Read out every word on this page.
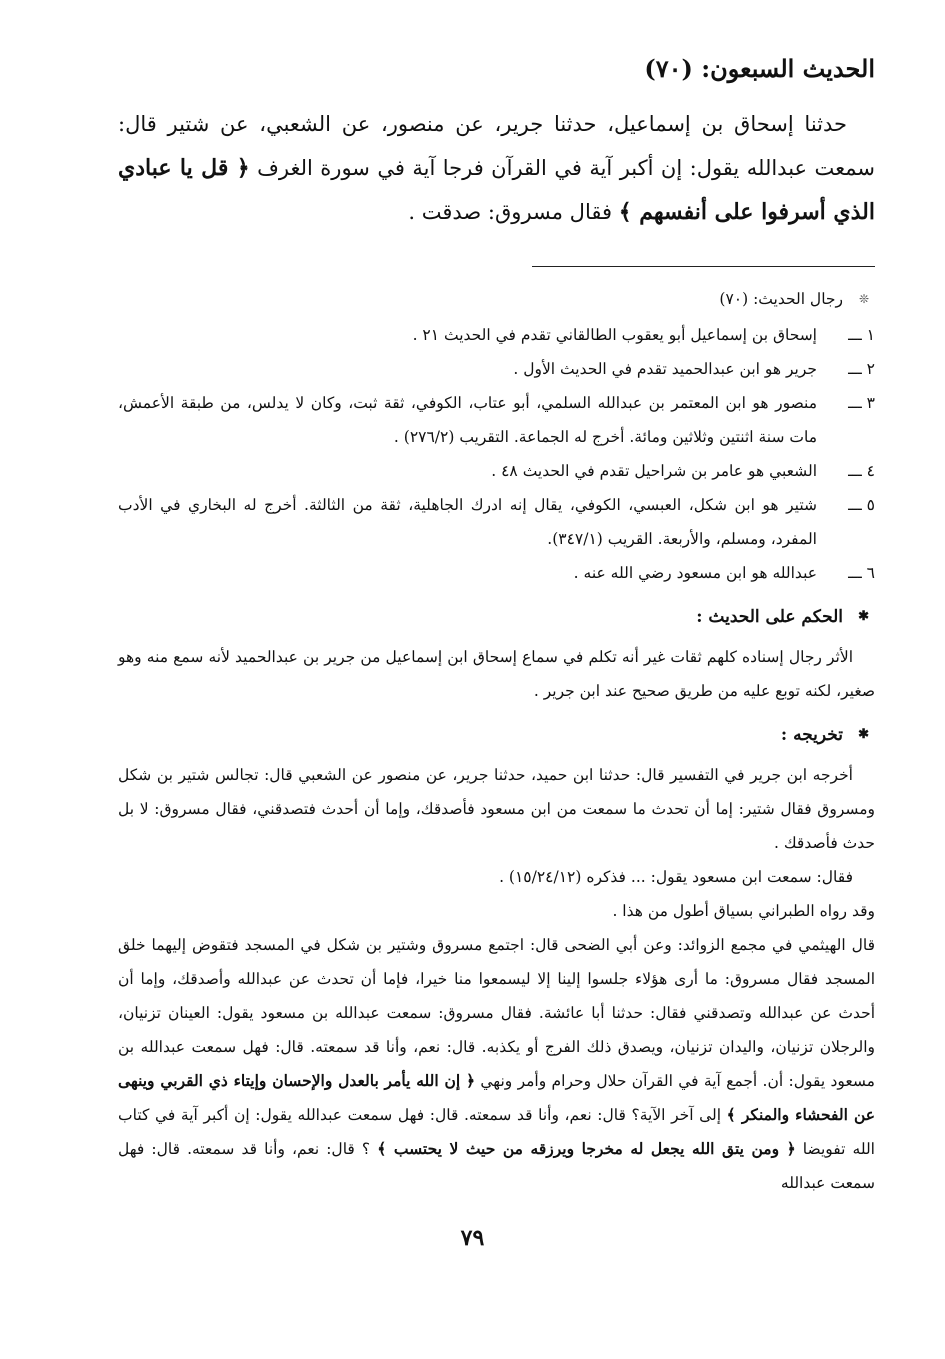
الحديث السبعون: (٧٠)

حدثنا إسحاق بن إسماعيل، حدثنا جرير، عن منصور، عن الشعبي، عن شتير قال: سمعت عبدالله يقول: إن أكبر آية في القرآن فرجا آية في سورة الغرف ﴿ قل يا عبادي الذي أسرفوا على أنفسهم ﴾ فقال مسروق: صدقت .

❊
رجال الحديث: (٧٠)

١ ـــ
إسحاق بن إسماعيل أبو يعقوب الطالقاني تقدم في الحديث ٢١ .
٢ ـــ
جرير هو ابن عبدالحميد تقدم في الحديث الأول .
٣ ـــ
منصور هو ابن المعتمر بن عبدالله السلمي، أبو عتاب، الكوفي، ثقة ثبت، وكان لا يدلس، من طبقة الأعمش، مات سنة اثنتين وثلاثين ومائة. أخرج له الجماعة. التقريب (٢٧٦/٢) .
٤ ـــ
الشعبي هو عامر بن شراحيل تقدم في الحديث ٤٨ .
٥ ـــ
شتير هو ابن شكل، العبسي، الكوفي، يقال إنه ادرك الجاهلية، ثقة من الثالثة. أخرج له البخاري في الأدب المفرد، ومسلم، والأربعة. القريب (٣٤٧/١).
٦ ـــ
عبدالله هو ابن مسعود رضي الله عنه .

✱
الحكم على الحديث :

الأثر رجال إسناده كلهم ثقات غير أنه تكلم في سماع إسحاق ابن إسماعيل من جرير بن عبدالحميد لأنه سمع منه وهو صغير، لكنه توبع عليه من طريق صحيح عند ابن جرير .

✱
تخريجه :

أخرجه ابن جرير في التفسير قال: حدثنا ابن حميد، حدثنا جرير، عن منصور عن الشعبي قال: تجالس شتير بن شكل ومسروق فقال شتير: إما أن تحدث ما سمعت من ابن مسعود فأصدقك، وإما أن أحدث فتصدقني، فقال مسروق: لا بل حدث فأصدقك .

فقال: سمعت ابن مسعود يقول: ... فذكره (١٥/٢٤/١٢) .

وقد رواه الطبراني بسياق أطول من هذا .

قال الهيثمي في مجمع الزوائد: وعن أبي الضحى قال: اجتمع مسروق وشتير بن شكل في المسجد فتقوض إليهما خلق المسجد فقال مسروق: ما أرى هؤلاء جلسوا إلينا إلا ليسمعوا منا خيرا، فإما أن تحدث عن عبدالله وأصدقك، وإما أن أحدث عن عبدالله وتصدقني فقال: حدثنا أبا عائشة. فقال مسروق: سمعت عبدالله بن مسعود يقول: العينان تزنيان، والرجلان تزنيان، واليدان تزنيان، ويصدق ذلك الفرج أو يكذبه. قال: نعم، وأنا قد سمعته. قال: فهل سمعت عبدالله بن مسعود يقول: أن. أجمع آية في القرآن حلال وحرام وأمر ونهي ﴿ إن الله يأمر بالعدل والإحسان وإيتاء ذي القربي وينهى عن الفحشاء والمنكر ﴾ إلى آخر الآية؟ قال: نعم، وأنا قد سمعته. قال: فهل سمعت عبدالله يقول: إن أكبر آية في كتاب الله تفويضا ﴿ ومن يتق الله يجعل له مخرجا ويرزقه من حيث لا يحتسب ﴾ ؟ قال: نعم، وأنا قد سمعته. قال: فهل سمعت عبدالله

٧٩
